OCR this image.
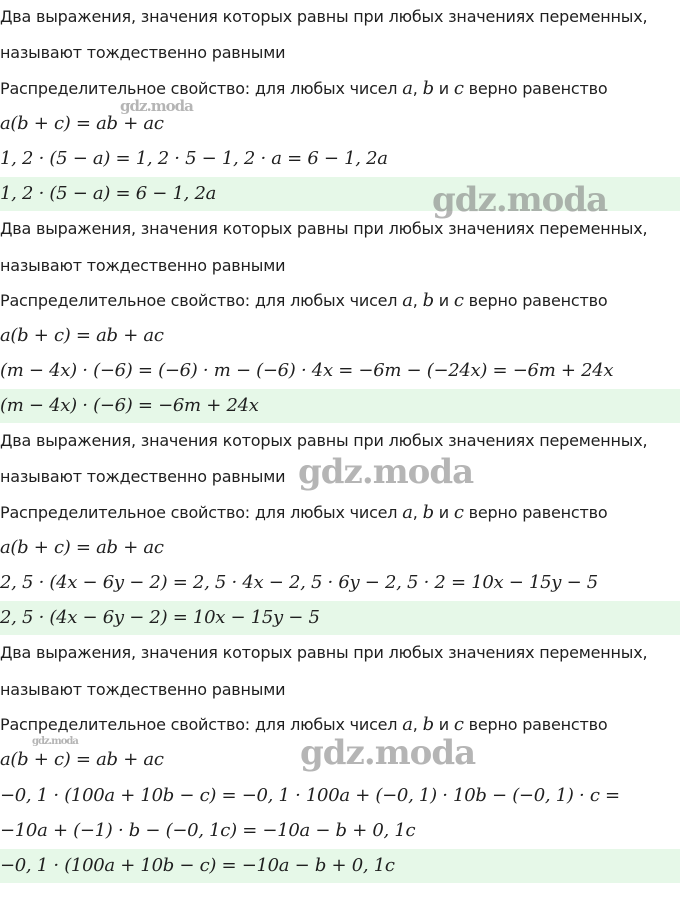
Два выражения, значения которых равны при любых значениях переменных,
называют тождественно равными
Распределительное свойство: для любых чисел a, b и c верно равенство
a(b + c) = ab + ac
1, 2 · (5 − a) = 1, 2 · 5 − 1, 2 · a = 6 − 1, 2a
1, 2 · (5 − a) = 6 − 1, 2a
Два выражения, значения которых равны при любых значениях переменных,
называют тождественно равными
Распределительное свойство: для любых чисел a, b и c верно равенство
a(b + c) = ab + ac
(m − 4x) · (−6) = (−6) · m − (−6) · 4x = −6m − (−24x) = −6m + 24x
(m − 4x) · (−6) = −6m + 24x
Два выражения, значения которых равны при любых значениях переменных,
называют тождественно равными
Распределительное свойство: для любых чисел a, b и c верно равенство
a(b + c) = ab + ac
2, 5 · (4x − 6y − 2) = 2, 5 · 4x − 2, 5 · 6y − 2, 5 · 2 = 10x − 15y − 5
2, 5 · (4x − 6y − 2) = 10x − 15y − 5
Два выражения, значения которых равны при любых значениях переменных,
называют тождественно равными
Распределительное свойство: для любых чисел a, b и c верно равенство
a(b + c) = ab + ac
−0, 1 · (100a + 10b − c) = −0, 1 · 100a + (−0, 1) · 10b − (−0, 1) · c =
−10a + (−1) · b − (−0, 1c) = −10a − b + 0, 1c
−0, 1 · (100a + 10b − c) = −10a − b + 0, 1c
gdz.moda
gdz.moda
gdz.moda
gdz.moda	gdz.moda
